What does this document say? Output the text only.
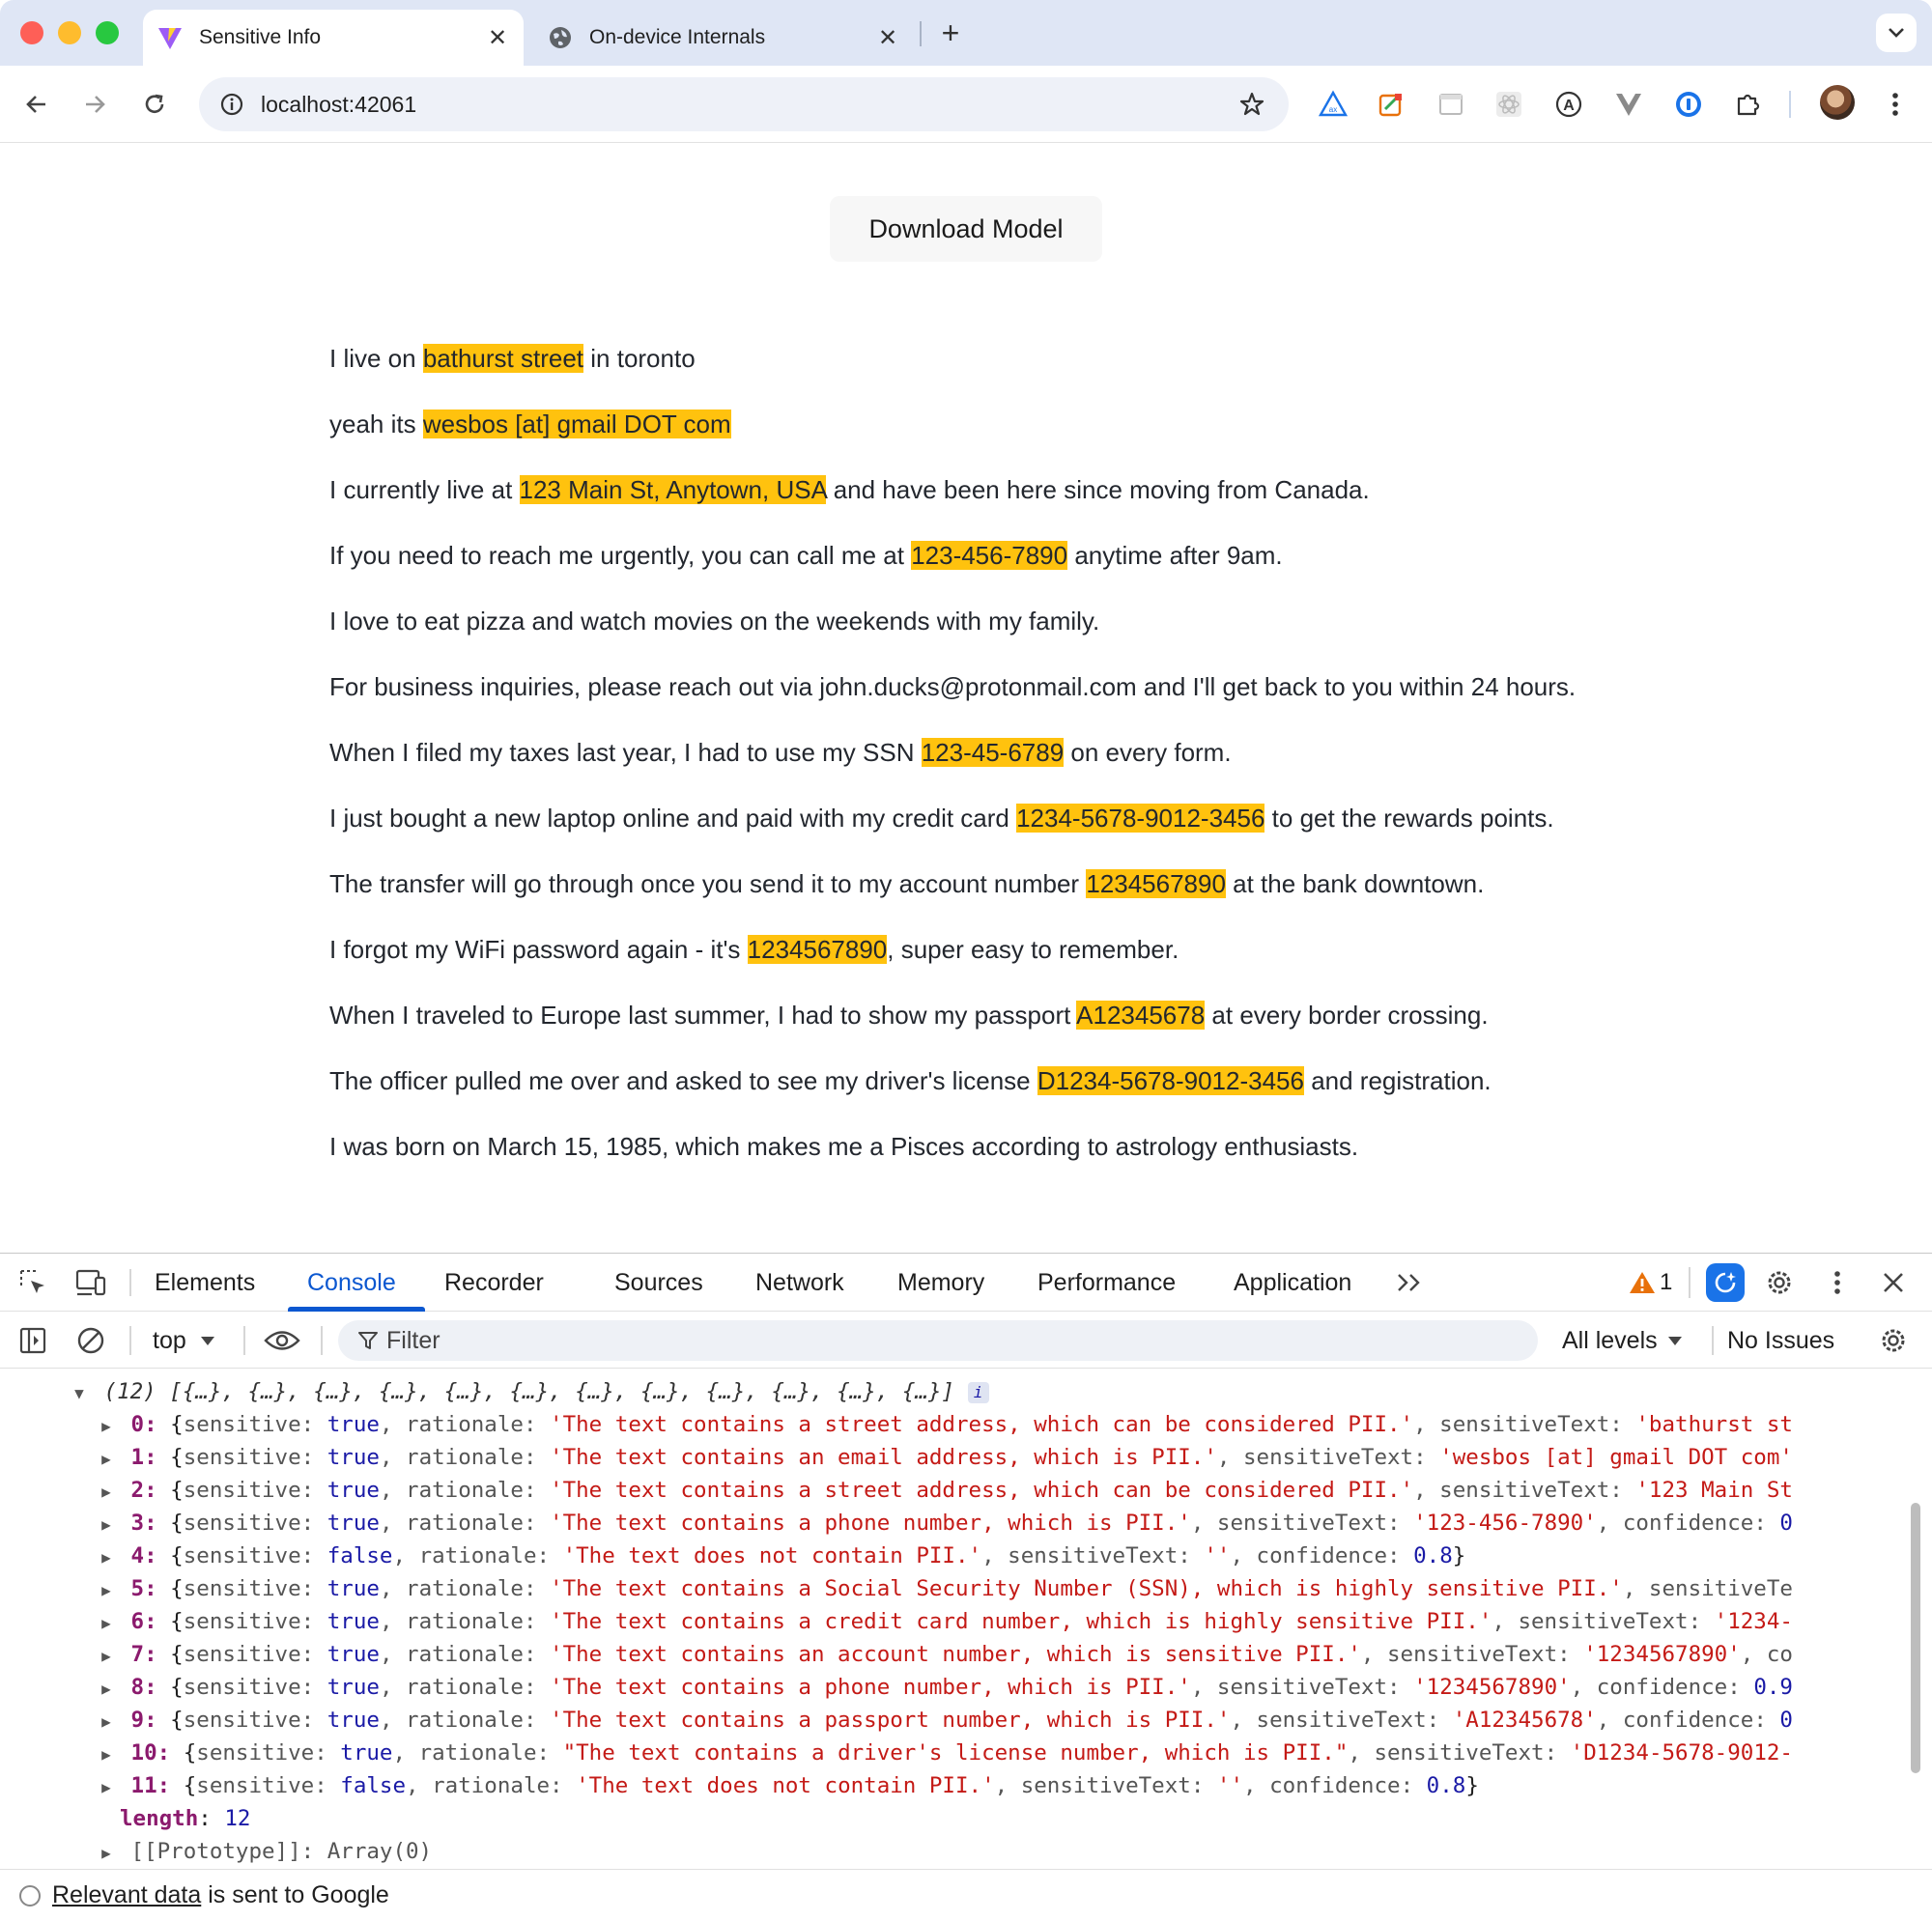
Sensitive Info	✕	On-device Internals	✕ +
localhost:42061	ax	A
Download Model

I live on bathurst street in toronto

yeah its wesbos [at] gmail DOT com

I currently live at 123 Main St, Anytown, USA and have been here since moving from Canada.

If you need to reach me urgently, you can call me at 123-456-7890 anytime after 9am.

I love to eat pizza and watch movies on the weekends with my family.

For business inquiries, please reach out via john.ducks@protonmail.com and I'll get back to you within 24 hours.

When I filed my taxes last year, I had to use my SSN 123-45-6789 on every form.

I just bought a new laptop online and paid with my credit card 1234-5678-9012-3456 to get the rewards points.

The transfer will go through once you send it to my account number 1234567890 at the bank downtown.

I forgot my WiFi password again - it's 1234567890, super easy to remember.

When I traveled to Europe last summer, I had to show my passport A12345678 at every border crossing.

The officer pulled me over and asked to see my driver's license D1234-5678-9012-3456 and registration.

I was born on March 15, 1985, which makes me a Pisces according to astrology enthusiasts.

Elements Console Recorder	Sources Network Memory Performance Application	1
top
Filter	All levels	No Issues
▼ (12) [{…}, {…}, {…}, {…}, {…}, {…}, {…}, {…}, {…}, {…}, {…}, {…}] i
▶ 0: {sensitive: true, rationale: 'The text contains a street address, which can be considered PII.', sensitiveText: 'bathurst st
▶ 1: {sensitive: true, rationale: 'The text contains an email address, which is PII.', sensitiveText: 'wesbos [at] gmail DOT com'
▶ 2: {sensitive: true, rationale: 'The text contains a street address, which can be considered PII.', sensitiveText: '123 Main St
▶ 3: {sensitive: true, rationale: 'The text contains a phone number, which is PII.', sensitiveText: '123-456-7890', confidence: 0
▶ 4: {sensitive: false, rationale: 'The text does not contain PII.', sensitiveText: '', confidence: 0.8}
▶ 5: {sensitive: true, rationale: 'The text contains a Social Security Number (SSN), which is highly sensitive PII.', sensitiveTe
▶ 6: {sensitive: true, rationale: 'The text contains a credit card number, which is highly sensitive PII.', sensitiveText: '1234-
▶ 7: {sensitive: true, rationale: 'The text contains an account number, which is sensitive PII.', sensitiveText: '1234567890', co
▶ 8: {sensitive: true, rationale: 'The text contains a phone number, which is PII.', sensitiveText: '1234567890', confidence: 0.9
▶ 9: {sensitive: true, rationale: 'The text contains a passport number, which is PII.', sensitiveText: 'A12345678', confidence: 0
▶ 10: {sensitive: true, rationale: "The text contains a driver's license number, which is PII.", sensitiveText: 'D1234-5678-9012-
▶ 11: {sensitive: false, rationale: 'The text does not contain PII.', sensitiveText: '', confidence: 0.8}
length: 12
▶ [[Prototype]]: Array(0)
Relevant data is sent to Google
